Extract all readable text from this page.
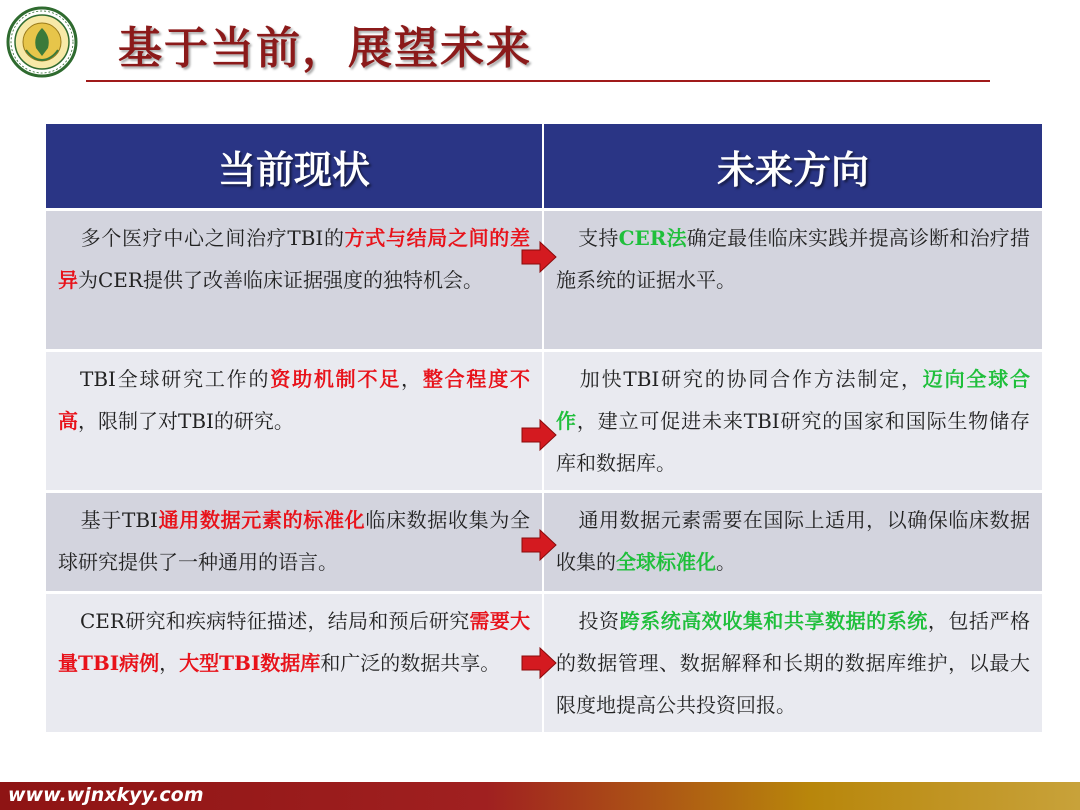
基于当前，展望未来
当前现状	未来方向
多个医疗中心之间治疗TBI的方式与结局之间的差异为CER提供了改善临床证据强度的独特机会。	支持CER法确定最佳临床实践并提高诊断和治疗措施系统的证据水平。
TBI全球研究工作的资助机制不足，整合程度不高，限制了对TBI的研究。	加快TBI研究的协同合作方法制定，迈向全球合作，建立可促进未来TBI研究的国家和国际生物储存库和数据库。
基于TBI通用数据元素的标准化临床数据收集为全球研究提供了一种通用的语言。	通用数据元素需要在国际上适用，以确保临床数据收集的全球标准化。
CER研究和疾病特征描述，结局和预后研究需要大量TBI病例，大型TBI数据库和广泛的数据共享。	投资跨系统高效收集和共享数据的系统，包括严格的数据管理、数据解释和长期的数据库维护，以最大限度地提高公共投资回报。
www.wjnxkyy.com
